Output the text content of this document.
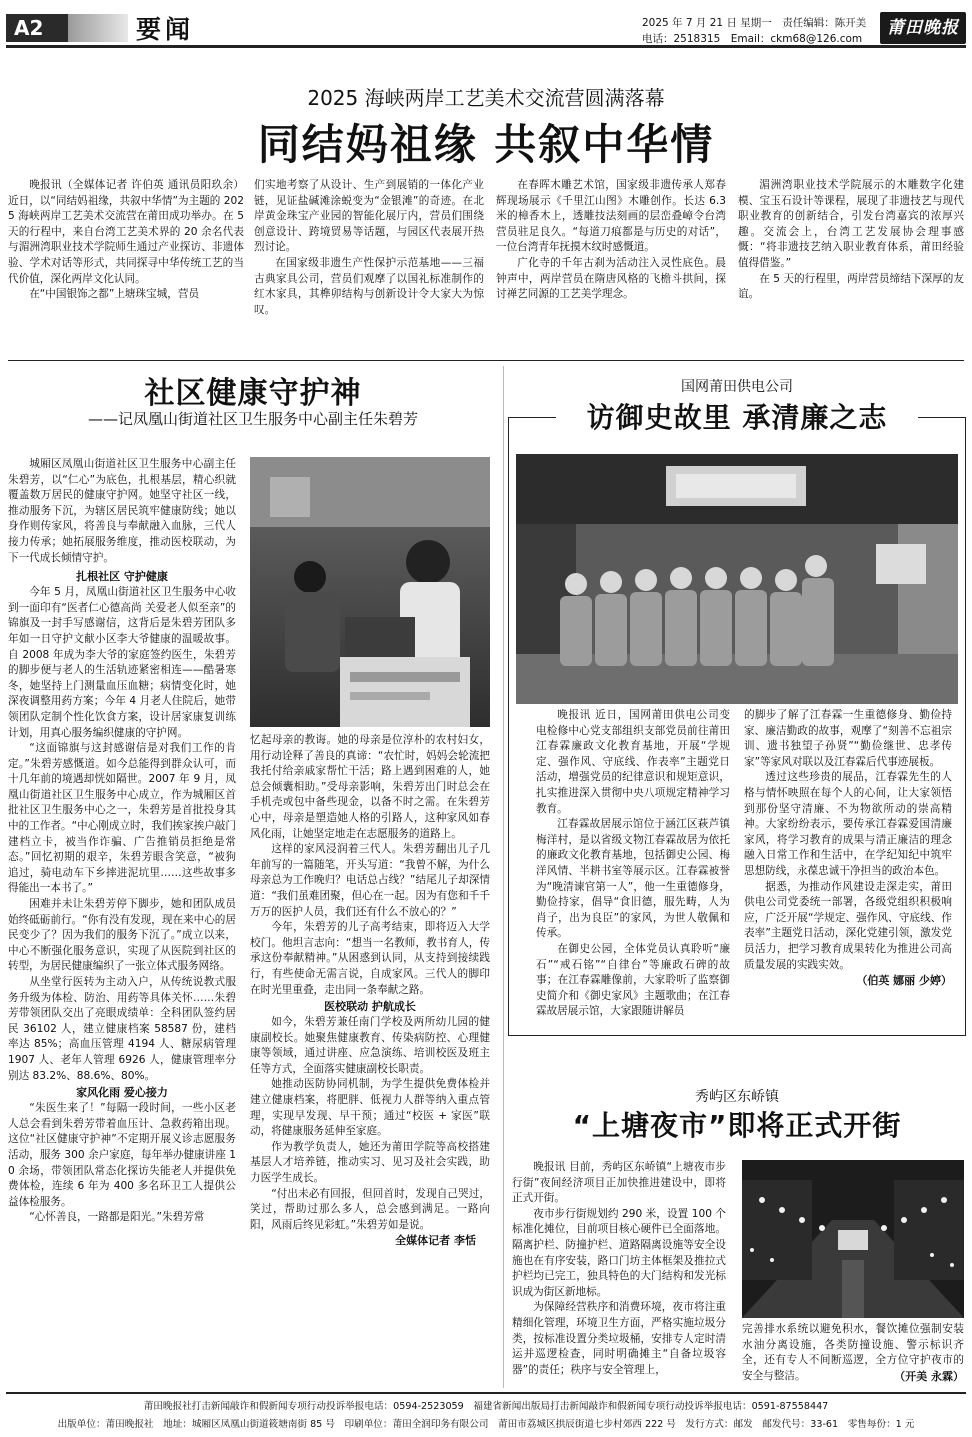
A2	要闻	2025 年 7 月 21 日 星期一　责任编辑：陈开美
电话：2518315　Email：ckm68@126.com
莆田晚报
2025 海峡两岸工艺美术交流营圆满落幕
同结妈祖缘 共叙中华情

晚报讯（全媒体记者 许伯英 通讯员阳玖余）近日，以“同结妈祖缘，共叙中华情”为主题的 2025 海峡两岸工艺美术交流营在莆田成功举办。在 5 天的行程中，来自台湾工艺美术界的 20 余名代表与湄洲湾职业技术学院师生通过产业探访、非遗体验、学术对话等形式，共同探寻中华传统工艺的当代价值，深化两岸文化认同。

在“中国银饰之都”上塘珠宝城，营员

们实地考察了从设计、生产到展销的一体化产业链，见证盐碱滩涂蜕变为“金银滩”的奇迹。在北岸黄金珠宝产业园的智能化展厅内，营员们围绕创意设计、跨境贸易等话题，与园区代表展开热烈讨论。

在国家级非遗生产性保护示范基地——三福古典家具公司，营员们观摩了以国礼标准制作的红木家具，其榫卯结构与创新设计令大家大为惊叹。

在春晖木雕艺术馆，国家级非遗传承人郑春辉现场展示《千里江山图》木雕创作。长达 6.3 米的樟香木上，透雕技法刻画的层峦叠嶂令台湾营员驻足良久。“每道刀痕都是与历史的对话”，一位台湾青年抚摸木纹时感慨道。

广化寺的千年古刹为活动注入灵性底色。晨钟声中，两岸营员在隋唐风格的飞檐斗拱间，探讨禅艺同源的工艺美学理念。

湄洲湾职业技术学院展示的木雕数字化建模、宝玉石设计等课程，展现了非遗技艺与现代职业教育的创新结合，引发台湾嘉宾的浓厚兴趣。交流会上，台湾工艺发展协会理事感慨：“将非遗技艺纳入职业教育体系，莆田经验值得借鉴。”

在 5 天的行程里，两岸营员缔结下深厚的友谊。

社区健康守护神
——记凤凰山街道社区卫生服务中心副主任朱碧芳

城厢区凤凰山街道社区卫生服务中心副主任朱碧芳，以“仁心”为底色，扎根基层，精心织就覆盖数万居民的健康守护网。她坚守社区一线，推动服务下沉，为辖区居民筑牢健康防线；她以身作则传家风，将善良与奉献融入血脉，三代人接力传承；她拓展服务维度，推动医校联动，为下一代成长倾情守护。

扎根社区 守护健康

今年 5 月，凤凰山街道社区卫生服务中心收到一面印有“医者仁心德高尚 关爱老人似至亲”的锦旗及一封手写感谢信，这背后是朱碧芳团队多年如一日守护文献小区李大爷健康的温暖故事。自 2008 年成为李大爷的家庭签约医生，朱碧芳的脚步便与老人的生活轨迹紧密相连——酷暑寒冬，她坚持上门测量血压血糖；病情变化时，她深夜调整用药方案；今年 4 月老人住院后，她带领团队定制个性化饮食方案，设计居家康复训练计划，用真心服务编织健康的守护网。

“这面锦旗与这封感谢信是对我们工作的肯定。”朱碧芳感慨道。如今总能得到群众认可，而十几年前的境遇却恍如隔世。2007 年 9 月，凤凰山街道社区卫生服务中心成立，作为城厢区首批社区卫生服务中心之一，朱碧芳是首批投身其中的工作者。“中心刚成立时，我们挨家挨户敲门建档立卡，被当作诈骗、广告推销员拒绝是常态。”回忆初期的艰辛，朱碧芳眼含笑意，“被狗追过，骑电动车下乡摔进泥坑里……这些故事多得能出一本书了。”

困难并未让朱碧芳停下脚步，她和团队成员始终砥砺前行。“你有没有发现，现在来中心的居民变少了？因为我们的服务下沉了。”成立以来，中心不断强化服务意识，实现了从医院到社区的转型，为居民健康编织了一张立体式服务网络。

从坐堂行医转为主动入户，从传统说教式服务升级为体检、防治、用药等具体关怀……朱碧芳带领团队交出了亮眼成绩单：全科团队签约居民 36102 人，建立健康档案 58587 份，建档率达 85%；高血压管理 4194 人、糖尿病管理 1907 人、老年人管理 6926 人，健康管理率分别达 83.2%、88.6%、80%。

家风化雨 爱心接力

“朱医生来了！”每隔一段时间，一些小区老人总会看到朱碧芳带着血压计、急救药箱出现。这位“社区健康守护神”不定期开展义诊志愿服务活动，服务 300 余户家庭，每年举办健康讲座 10 余场，带领团队常态化探访失能老人并提供免费体检，连续 6 年为 400 多名环卫工人提供公益体检服务。

“心怀善良，一路都是阳光。”朱碧芳常

忆起母亲的教诲。她的母亲是位淳朴的农村妇女，用行动诠释了善良的真谛：“农忙时，妈妈会轮流把我托付给亲戚家帮忙干活；路上遇到困难的人，她总会倾囊相助。”受母亲影响，朱碧芳出门时总会在手机壳或包中备些现金，以备不时之需。在朱碧芳心中，母亲是塑造她人格的引路人，这种家风如春风化雨，让她坚定地走在志愿服务的道路上。

这样的家风浸润着三代人。朱碧芳翻出儿子几年前写的一篇随笔，开头写道：“我曾不解，为什么母亲总为工作晚归？电话总占线？”结尾儿子却深情道：“我们虽难团聚，但心在一起。因为有您和千千万万的医护人员，我们还有什么不放心的？”

今年，朱碧芳的儿子高考结束，即将迈入大学校门。他坦言志向：“想当一名教师，教书育人，传承这份奉献精神。”从困惑到认同，从支持到接续践行，有些使命无需言说，自成家风。三代人的脚印在时光里重叠，走出同一条奉献之路。

医校联动 护航成长

如今，朱碧芳兼任南门学校及两所幼儿园的健康副校长。她聚焦健康教育、传染病防控、心理健康等领域，通过讲座、应急演练、培训校医及班主任等方式，全面落实健康副校长职责。

她推动医防协同机制，为学生提供免费体检并建立健康档案，将肥胖、低视力人群等纳入重点管理，实现早发现、早干预；通过“校医 + 家医”联动，将健康服务延伸至家庭。

作为教学负责人，她还为莆田学院等高校搭建基层人才培养链，推动实习、见习及社会实践，助力医学生成长。

“付出未必有回报，但回首时，发现自己哭过，笑过，帮助过那么多人，总会感到满足。一路向阳，风雨后终见彩虹。”朱碧芳如是说。

全媒体记者 李恬
国网莆田供电公司
访御史故里 承清廉之志

晚报讯 近日，国网莆田供电公司变电检修中心党支部组织支部党员前往莆田江春霖廉政文化教育基地，开展“学规定、强作风、守底线、作表率”主题党日活动，增强党员的纪律意识和规矩意识，扎实推进深入贯彻中央八项规定精神学习教育。

江春霖故居展示馆位于涵江区萩芦镇梅洋村，是以省级文物江春霖故居为依托的廉政文化教育基地，包括御史公园、梅洋风情、半耕书室等展示区。江春霖被誉为“晚清谏官第一人”，他一生重德修身，勤俭持家，倡导“食旧德，服先畴，人为肖子，出为良臣”的家风，为世人敬佩和传承。

在御史公园，全体党员认真聆听“廉石”“戒石铭”“自律台”等廉政石碑的故事；在江春霖雕像前，大家聆听了监察御史简介和《御史家风》主题歌曲；在江春霖故居展示馆，大家跟随讲解员

的脚步了解了江春霖一生重德修身、勤俭持家、廉洁勤政的故事，观摩了“刻善不忘祖宗训、遗书独望子孙贤”“勤俭继世、忠孝传家”等家风对联以及江春霖后代事迹展板。

透过这些珍贵的展品，江春霖先生的人格与情怀映照在每个人的心间，让大家领悟到那份坚守清廉、不为物欲所动的崇高精神。大家纷纷表示，要传承江春霖爱国清廉家风，将学习教育的成果与清正廉洁的理念融入日常工作和生活中，在学纪知纪中筑牢思想防线，永葆忠诚干净担当的政治本色。

据悉，为推动作风建设走深走实，莆田供电公司党委统一部署，各级党组织积极响应，广泛开展“学规定、强作风、守底线、作表率”主题党日活动，深化党建引领，激发党员活力，把学习教育成果转化为推进公司高质量发展的实践实效。

（伯英 娜丽 少婷）
秀屿区东峤镇
“上塘夜市”即将正式开街

晚报讯 目前，秀屿区东峤镇“上塘夜市步行街”夜间经济项目正加快推进建设中，即将正式开街。

夜市步行街规划约 290 米，设置 100 个标准化摊位，目前项目核心硬件已全面落地。隔离护栏、防撞护栏、道路隔离设施等安全设施也在有序安装，路口门坊主体框架及推拉式护栏均已完工，独具特色的大门结构和发光标识成为街区新地标。

为保障经营秩序和消费环境，夜市将注重精细化管理，环境卫生方面，严格实施垃圾分类，按标准设置分类垃圾桶，安排专人定时清运并巡逻检查，同时明确摊主“自备垃圾容器”的责任；秩序与安全管理上，

完善排水系统以避免积水，餐饮摊位强制安装水油分离设施，各类防撞设施、警示标识齐全，还有专人不间断巡逻，全方位守护夜市的安全与整洁。	（开美 永霖）
莆田晚报社打击新闻敲诈和假新闻专项行动投诉举报电话：0594-2523059　福建省新闻出版局打击新闻敲诈和假新闻专项行动投诉举报电话：0591-87558447
出版单位：莆田晚报社　地址：城厢区凤凰山街道筱塘南街 85 号　印刷单位：莆田全润印务有限公司　莆田市荔城区拱辰街道七步村郊西 222 号　发行方式：邮发　邮发代号：33-61　零售每份：1 元
